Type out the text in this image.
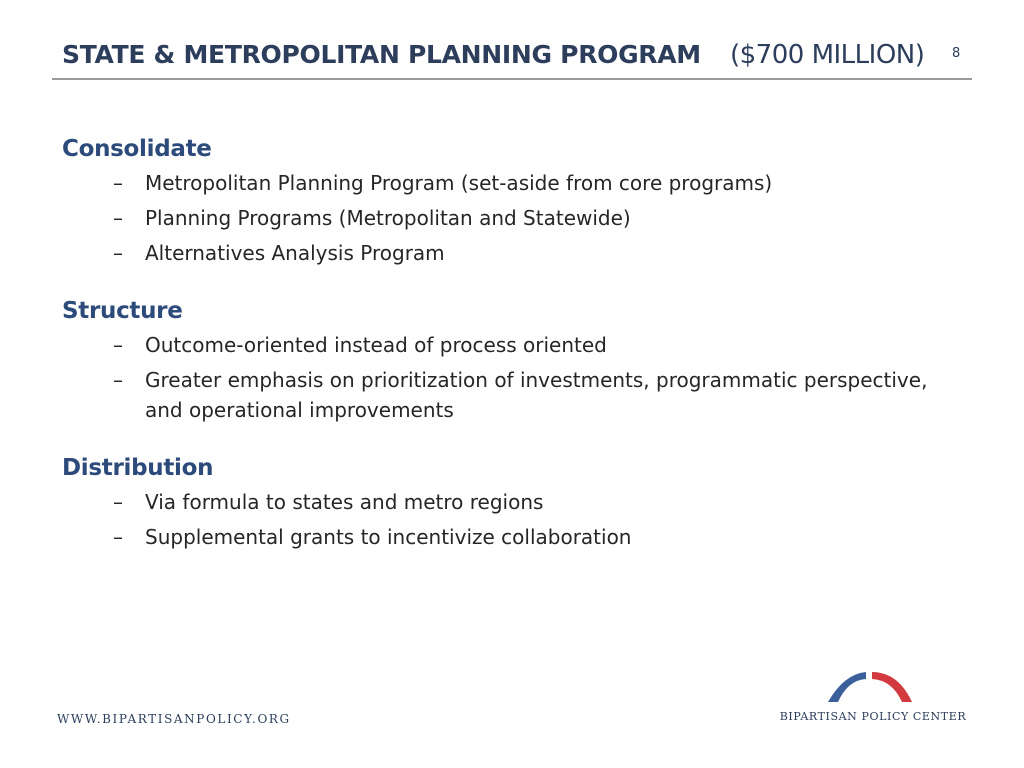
STATE & METROPOLITAN PLANNING PROGRAM ($700 MILLION) 8
Consolidate
– Metropolitan Planning Program (set-aside from core programs)
– Planning Programs (Metropolitan and Statewide)
– Alternatives Analysis Program
Structure
– Outcome-oriented instead of process oriented
– Greater emphasis on prioritization of investments, programmatic perspective, and operational improvements
Distribution
– Via formula to states and metro regions
– Supplemental grants to incentivize collaboration
WWW.BIPARTISANPOLICY.ORG	BIPARTISAN POLICY CENTER
